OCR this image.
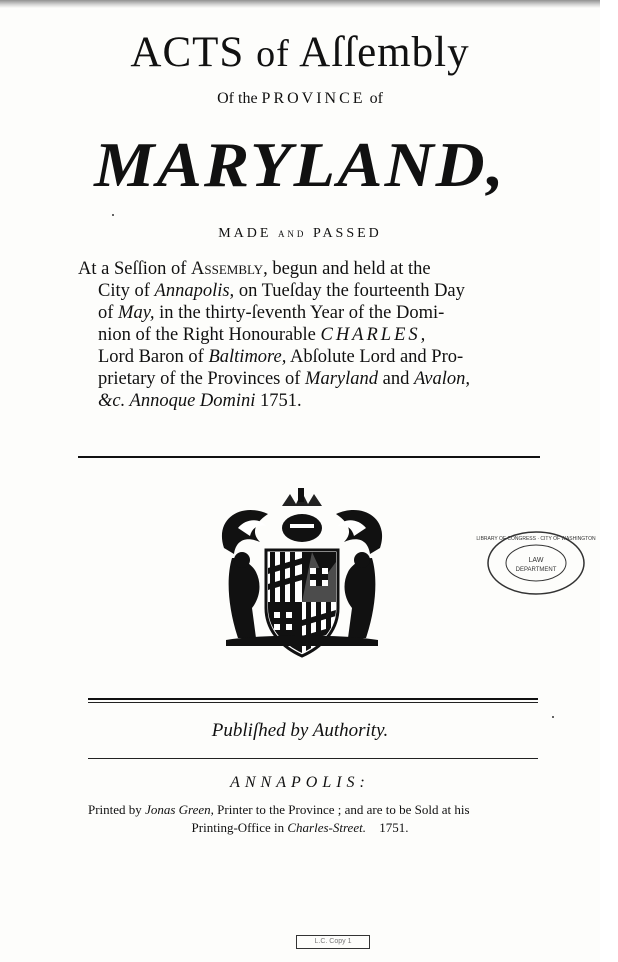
ACTS of Aſſembly
Of the PROVINCE of
MARYLAND,
MADE AND PASSED
At a Seſſion of Assembly, begun and held at the
City of Annapolis, on Tueſday the fourteenth Day
of May, in the thirty-ſeventh Year of the Domi-
nion of the Right Honourable CHARLES,
Lord Baron of Baltimore, Abſolute Lord and Pro-
prietary of the Provinces of Maryland and Avalon,
&c. Annoque Domini 1751.
LIBRARY OF CONGRESS · CITY OF WASHINGTON
LAW
DEPARTMENT
Publiſhed by Authority.
ANNAPOLIS:
Printed by Jonas Green, Printer to the Province ; and are to be Sold at his
Printing-Office in Charles-Street. 1751.
L.C. Copy 1
